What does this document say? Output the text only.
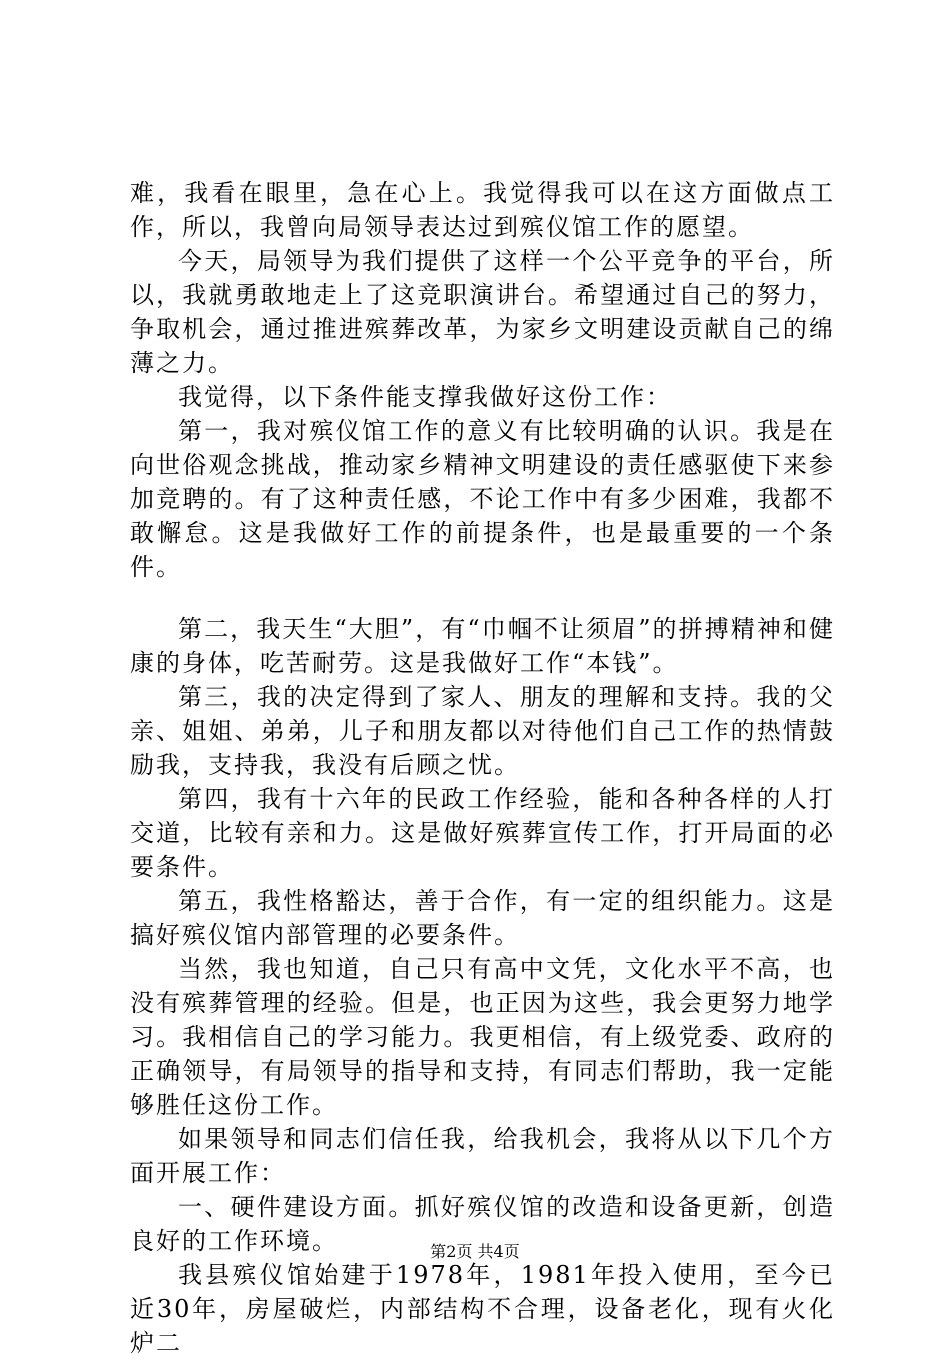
难，我看在眼里，急在心上。我觉得我可以在这方面做点工作，所以，我曾向局领导表达过到殡仪馆工作的愿望。

今天，局领导为我们提供了这样一个公平竞争的平台，所以，我就勇敢地走上了这竞职演讲台。希望通过自己的努力，争取机会，通过推进殡葬改革，为家乡文明建设贡献自己的绵薄之力。

我觉得，以下条件能支撑我做好这份工作：

第一，我对殡仪馆工作的意义有比较明确的认识。我是在向世俗观念挑战，推动家乡精神文明建设的责任感驱使下来参加竞聘的。有了这种责任感，不论工作中有多少困难，我都不敢懈怠。这是我做好工作的前提条件，也是最重要的一个条件。

第二，我天生“大胆”，有“巾帼不让须眉”的拼搏精神和健康的身体，吃苦耐劳。这是我做好工作“本钱”。

第三，我的决定得到了家人、朋友的理解和支持。我的父亲、姐姐、弟弟，儿子和朋友都以对待他们自己工作的热情鼓励我，支持我，我没有后顾之忧。

第四，我有十六年的民政工作经验，能和各种各样的人打交道，比较有亲和力。这是做好殡葬宣传工作，打开局面的必要条件。

第五，我性格豁达，善于合作，有一定的组织能力。这是搞好殡仪馆内部管理的必要条件。

当然，我也知道，自己只有高中文凭，文化水平不高，也没有殡葬管理的经验。但是，也正因为这些，我会更努力地学习。我相信自己的学习能力。我更相信，有上级党委、政府的正确领导，有局领导的指导和支持，有同志们帮助，我一定能够胜任这份工作。

如果领导和同志们信任我，给我机会，我将从以下几个方面开展工作：

一、硬件建设方面。抓好殡仪馆的改造和设备更新，创造良好的工作环境。

我县殡仪馆始建于1978年，1981年投入使用，至今已近30年，房屋破烂，内部结构不合理，设备老化，现有火化炉二

第2页 共4页
